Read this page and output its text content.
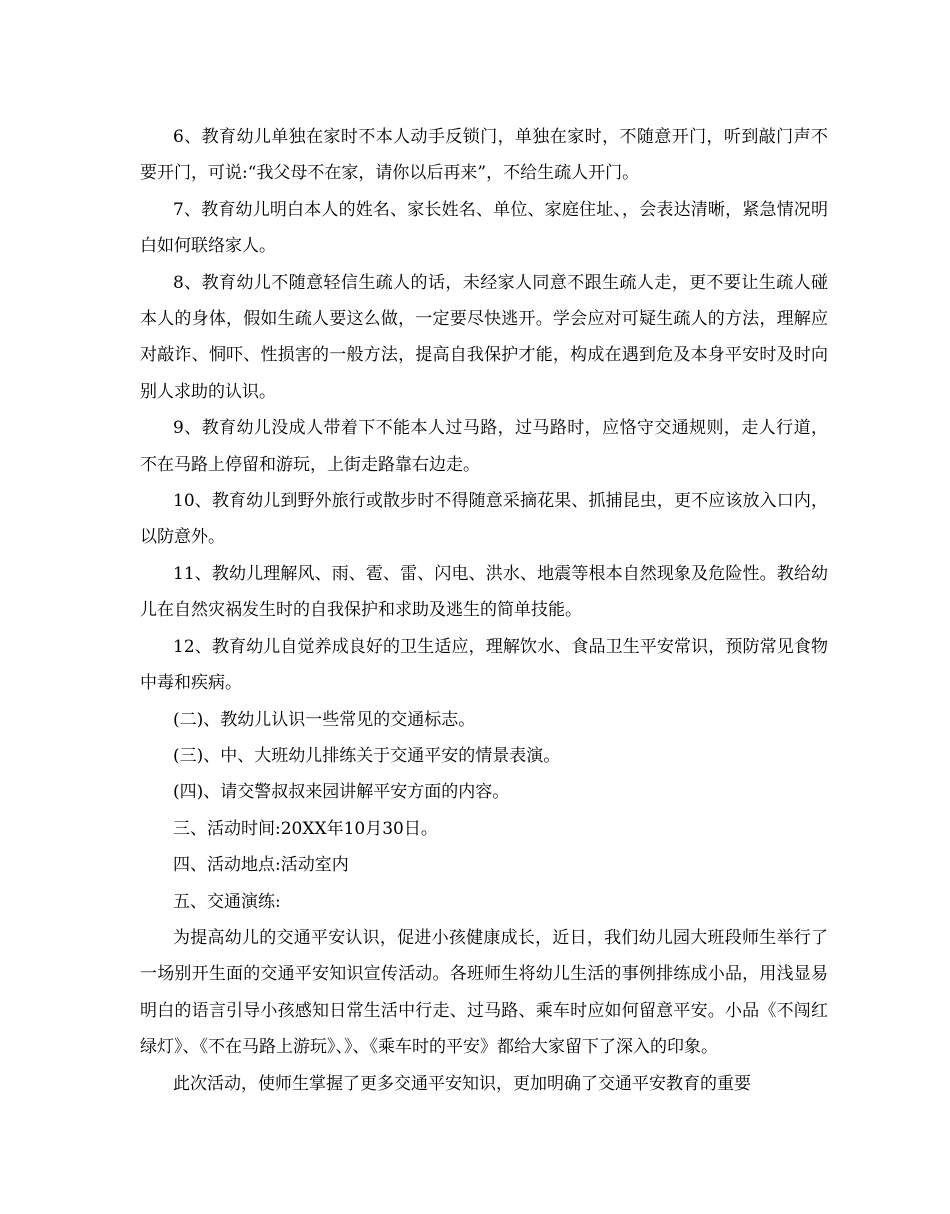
6、教育幼儿单独在家时不本人动手反锁门，单独在家时，不随意开门，听到敲门声不要开门，可说:“我父母不在家，请你以后再来”，不给生疏人开门。

7、教育幼儿明白本人的姓名、家长姓名、单位、家庭住址、，会表达清晰，紧急情况明白如何联络家人。

8、教育幼儿不随意轻信生疏人的话，未经家人同意不跟生疏人走，更不要让生疏人碰本人的身体，假如生疏人要这么做，一定要尽快逃开。学会应对可疑生疏人的方法，理解应对敲诈、恫吓、性损害的一般方法，提高自我保护才能，构成在遇到危及本身平安时及时向别人求助的认识。

9、教育幼儿没成人带着下不能本人过马路，过马路时，应恪守交通规则，走人行道，不在马路上停留和游玩，上街走路靠右边走。

10、教育幼儿到野外旅行或散步时不得随意采摘花果、抓捕昆虫，更不应该放入口内，以防意外。

11、教幼儿理解风、雨、雹、雷、闪电、洪水、地震等根本自然现象及危险性。教给幼儿在自然灾祸发生时的自我保护和求助及逃生的简单技能。

12、教育幼儿自觉养成良好的卫生适应，理解饮水、食品卫生平安常识，预防常见食物中毒和疾病。

(二)、教幼儿认识一些常见的交通标志。

(三)、中、大班幼儿排练关于交通平安的情景表演。

(四)、请交警叔叔来园讲解平安方面的内容。

三、活动时间:20XX年10月30日。

四、活动地点:活动室内

五、交通演练:

为提高幼儿的交通平安认识，促进小孩健康成长，近日，我们幼儿园大班段师生举行了一场别开生面的交通平安知识宣传活动。各班师生将幼儿生活的事例排练成小品，用浅显易明白的语言引导小孩感知日常生活中行走、过马路、乘车时应如何留意平安。小品《不闯红绿灯》、《不在马路上游玩》、》、《乘车时的平安》都给大家留下了深入的印象。

此次活动，使师生掌握了更多交通平安知识，更加明确了交通平安教育的重要
